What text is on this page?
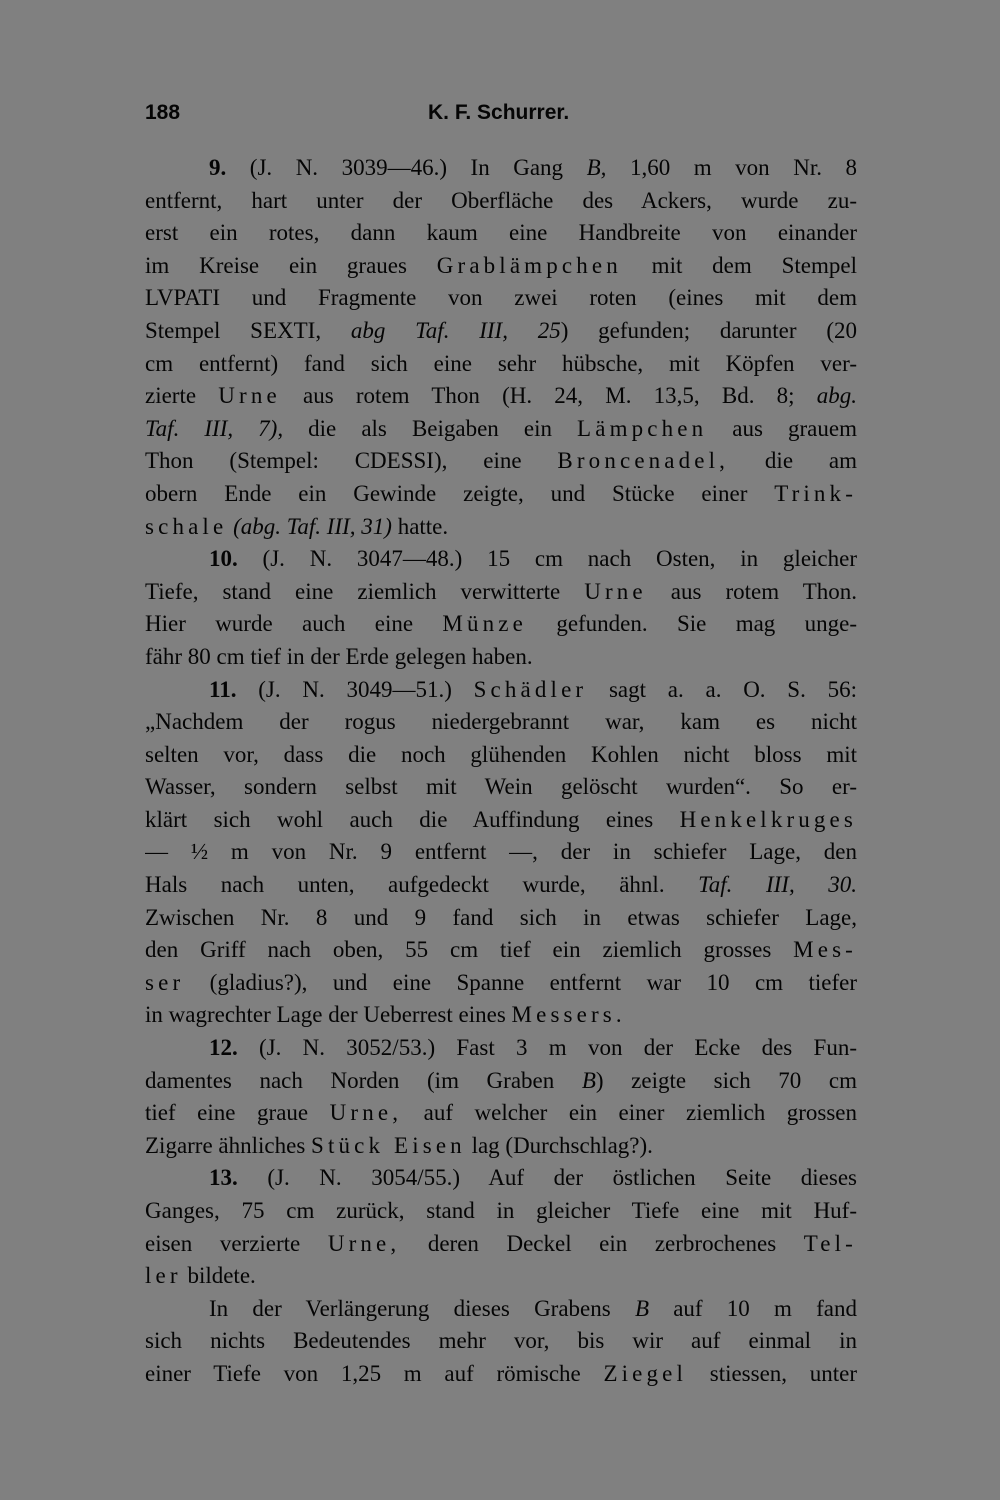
188	K. F. Schurrer.
9. (J. N. 3039—46.) In Gang B, 1,60 m von Nr. 8
entfernt, hart unter der Oberfläche des Ackers, wurde zu-
erst ein rotes, dann kaum eine Handbreite von einander
im Kreise ein graues Grablämpchen mit dem Stempel
LVPATI und Fragmente von zwei roten (eines mit dem
Stempel SEXTI, abg Taf. III, 25) gefunden; darunter (20
cm entfernt) fand sich eine sehr hübsche, mit Köpfen ver-
zierte Urne aus rotem Thon (H. 24, M. 13,5, Bd. 8; abg.
Taf. III, 7), die als Beigaben ein Lämpchen aus grauem
Thon (Stempel: CDESSI), eine Broncenadel, die am
obern Ende ein Gewinde zeigte, und Stücke einer Trink-
schale (abg. Taf. III, 31) hatte.
10. (J. N. 3047—48.) 15 cm nach Osten, in gleicher
Tiefe, stand eine ziemlich verwitterte Urne aus rotem Thon.
Hier wurde auch eine Münze gefunden. Sie mag unge-
fähr 80 cm tief in der Erde gelegen haben.
11. (J. N. 3049—51.) Schädler sagt a. a. O. S. 56:
„Nachdem der rogus niedergebrannt war, kam es nicht
selten vor, dass die noch glühenden Kohlen nicht bloss mit
Wasser, sondern selbst mit Wein gelöscht wurden“. So er-
klärt sich wohl auch die Auffindung eines Henkelkruges
— ½ m von Nr. 9 entfernt —, der in schiefer Lage, den
Hals nach unten, aufgedeckt wurde, ähnl. Taf. III, 30.
Zwischen Nr. 8 und 9 fand sich in etwas schiefer Lage,
den Griff nach oben, 55 cm tief ein ziemlich grosses Mes-
ser (gladius?), und eine Spanne entfernt war 10 cm tiefer
in wagrechter Lage der Ueberrest eines Messers.
12. (J. N. 3052/53.) Fast 3 m von der Ecke des Fun-
damentes nach Norden (im Graben B) zeigte sich 70 cm
tief eine graue Urne, auf welcher ein einer ziemlich grossen
Zigarre ähnliches Stück Eisen lag (Durchschlag?).
13. (J. N. 3054/55.) Auf der östlichen Seite dieses
Ganges, 75 cm zurück, stand in gleicher Tiefe eine mit Huf-
eisen verzierte Urne, deren Deckel ein zerbrochenes Tel-
ler bildete.
In der Verlängerung dieses Grabens B auf 10 m fand
sich nichts Bedeutendes mehr vor, bis wir auf einmal in
einer Tiefe von 1,25 m auf römische Ziegel stiessen, unter
